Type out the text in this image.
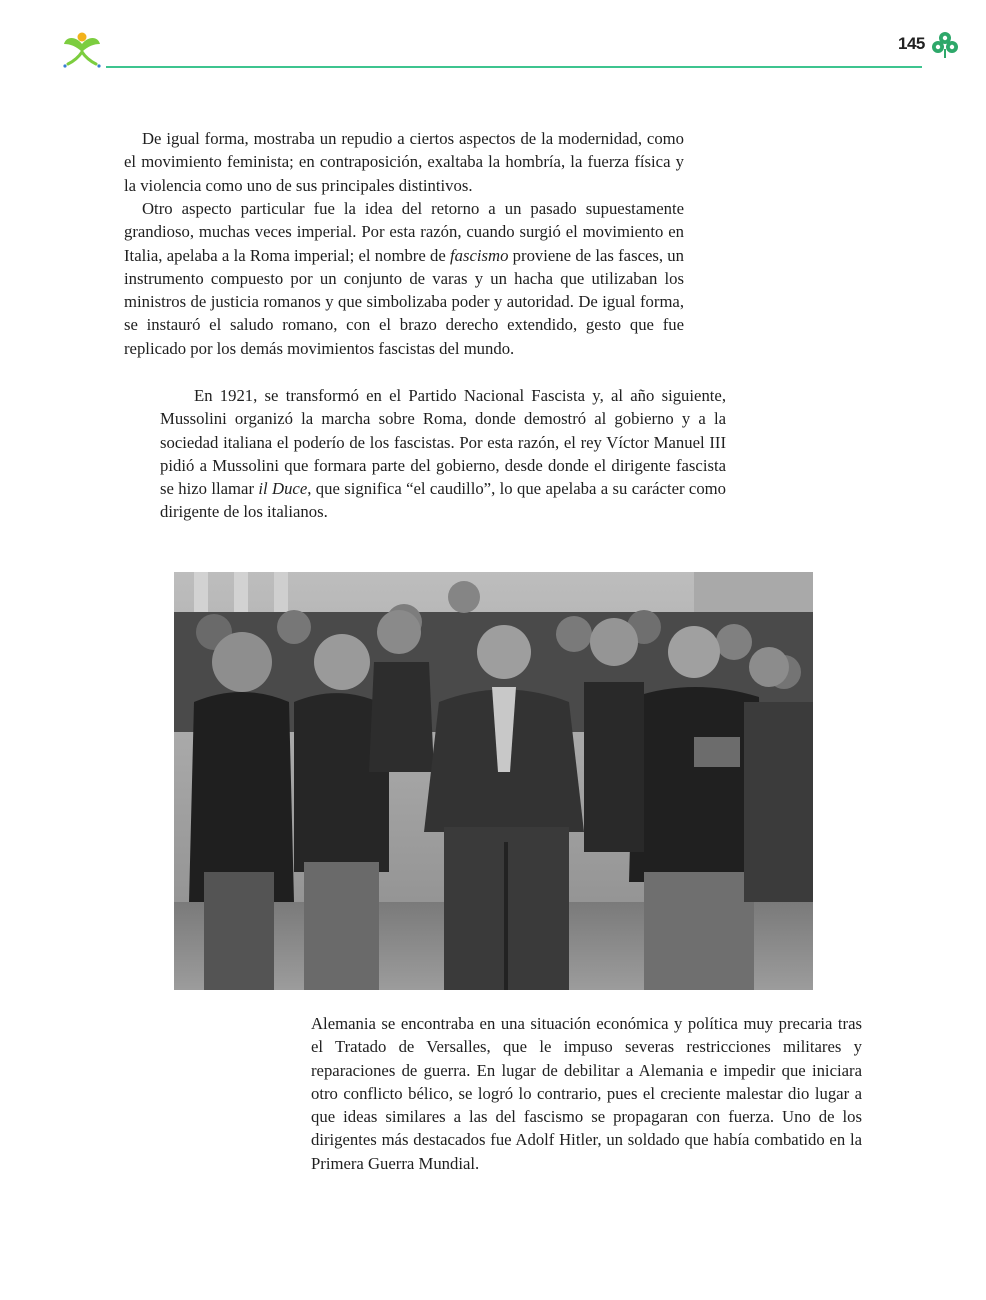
145

De igual forma, mostraba un repudio a ciertos aspectos de la modernidad, como el movimiento feminista; en contraposición, exaltaba la hombría, la fuerza física y la violencia como uno de sus principales distintivos.

Otro aspecto particular fue la idea del retorno a un pasado supuestamente grandioso, muchas veces imperial. Por esta razón, cuando surgió el movimiento en Italia, apelaba a la Roma imperial; el nombre de fascismo proviene de las fasces, un instrumento compuesto por un conjunto de varas y un hacha que utilizaban los ministros de justicia romanos y que simbolizaba poder y autoridad. De igual forma, se instauró el saludo romano, con el brazo derecho extendido, gesto que fue replicado por los demás movimientos fascistas del mundo.

En 1921, se transformó en el Partido Nacional Fascista y, al año siguiente, Mussolini organizó la marcha sobre Roma, donde demostró al gobierno y a la sociedad italiana el poderío de los fascistas. Por esta razón, el rey Víctor Manuel III pidió a Mussolini que formara parte del gobierno, desde donde el dirigente fascista se hizo llamar il Duce, que significa “el caudillo”, lo que apelaba a su carácter como dirigente de los italianos.

Alemania se encontraba en una situación económica y política muy precaria tras el Tratado de Versalles, que le impuso severas restricciones militares y reparaciones de guerra. En lugar de debilitar a Alemania e impedir que iniciara otro conflicto bélico, se logró lo contrario, pues el creciente malestar dio lugar a que ideas similares a las del fascismo se propagaran con fuerza. Uno de los dirigentes más destacados fue Adolf Hitler, un soldado que había combatido en la Primera Guerra Mundial.
